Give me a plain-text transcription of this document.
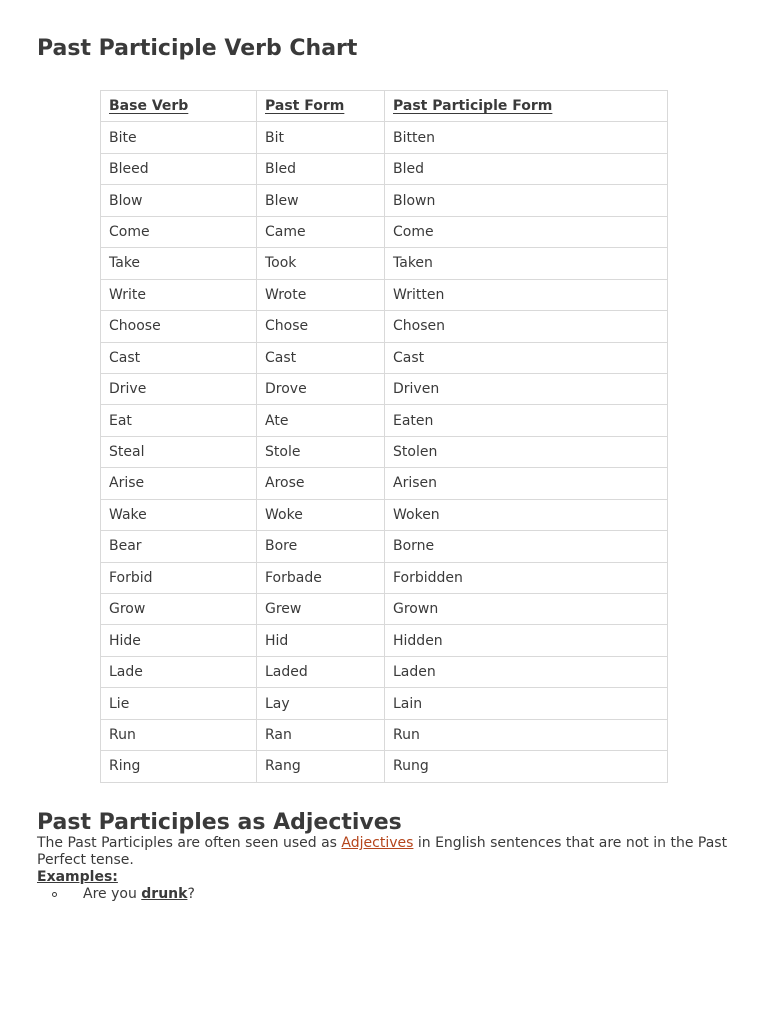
Past Participle Verb Chart
Base Verb	Past Form	Past Participle Form
Bite	Bit	Bitten
Bleed	Bled	Bled
Blow	Blew	Blown
Come	Came	Come
Take	Took	Taken
Write	Wrote	Written
Choose	Chose	Chosen
Cast	Cast	Cast
Drive	Drove	Driven
Eat	Ate	Eaten
Steal	Stole	Stolen
Arise	Arose	Arisen
Wake	Woke	Woken
Bear	Bore	Borne
Forbid	Forbade	Forbidden
Grow	Grew	Grown
Hide	Hid	Hidden
Lade	Laded	Laden
Lie	Lay	Lain
Run	Ran	Run
Ring	Rang	Rung
Past Participles as Adjectives

The Past Participles are often seen used as Adjectives in English sentences that are not in the Past Perfect tense.

Examples:
Are you drunk?
